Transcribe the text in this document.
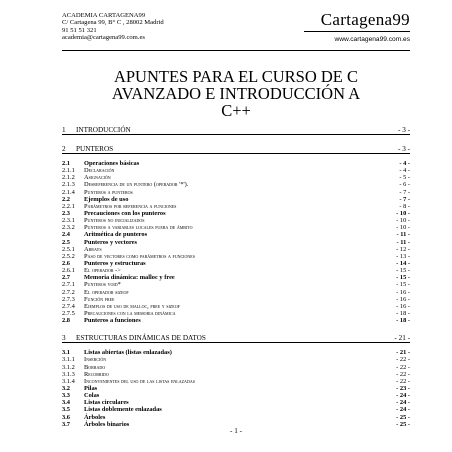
ACADEMIA CARTAGENA99
C/ Cartagena 99, B° C , 28002 Madrid
91 51 51 321
academia@cartagena99.com.es
Cartagena99
www.cartagena99.com.es
APUNTES PARA EL CURSO DE C
AVANZADO E INTRODUCCIÓN A
C++
1 INTRODUCCIÓN	- 3 -
2 PUNTEROS	- 3 -
2.1 Operaciones básicas	- 4 -
2.1.1 Declaración	- 4 -
2.1.2 Asignación	- 5 -
2.1.3 Desreferencia de un puntero (operador '*').	- 6 -
2.1.4 Punteros a punteros	- 7 -
2.2 Ejemplos de uso	- 7 -
2.2.1 Parámetros por referencia a funciones	- 8 -
2.3 Precauciones con los punteros	- 10 -
2.3.1 Punteros no inicializados	- 10 -
2.3.2 Punteros a variables locales fuera de ámbito	- 10 -
2.4 Aritmética de punteros	- 11 -
2.5 Punteros y vectores	- 11 -
2.5.1 Arrays	- 12 -
2.5.2 Paso de vectores como parámetros a funciones	- 13 -
2.6 Punteros y estructuras	- 14 -
2.6.1 El operador ->	- 15 -
2.7 Memoria dinámica: malloc y free	- 15 -
2.7.1 Punteros void*	- 15 -
2.7.2 El operador sizeof	- 16 -
2.7.3 Función free	- 16 -
2.7.4 Ejemplos de uso de malloc, free y sizeof	- 16 -
2.7.5 Precauciones con la memoria dinámica	- 18 -
2.8 Punteros a funciones	- 18 -
3 ESTRUCTURAS DINÁMICAS DE DATOS	- 21 -
3.1 Listas abiertas (listas enlazadas)	- 21 -
3.1.1 Inserción	- 22 -
3.1.2 Borrado	- 22 -
3.1.3 Recorrido	- 22 -
3.1.4 Inconvenientes del uso de las listas enlazadas	- 22 -
3.2 Pilas	- 23 -
3.3 Colas	- 24 -
3.4 Listas circulares	- 24 -
3.5 Listas doblemente enlazadas	- 24 -
3.6 Árboles	- 25 -
3.7 Árboles binarios	- 25 -
- 1 -
